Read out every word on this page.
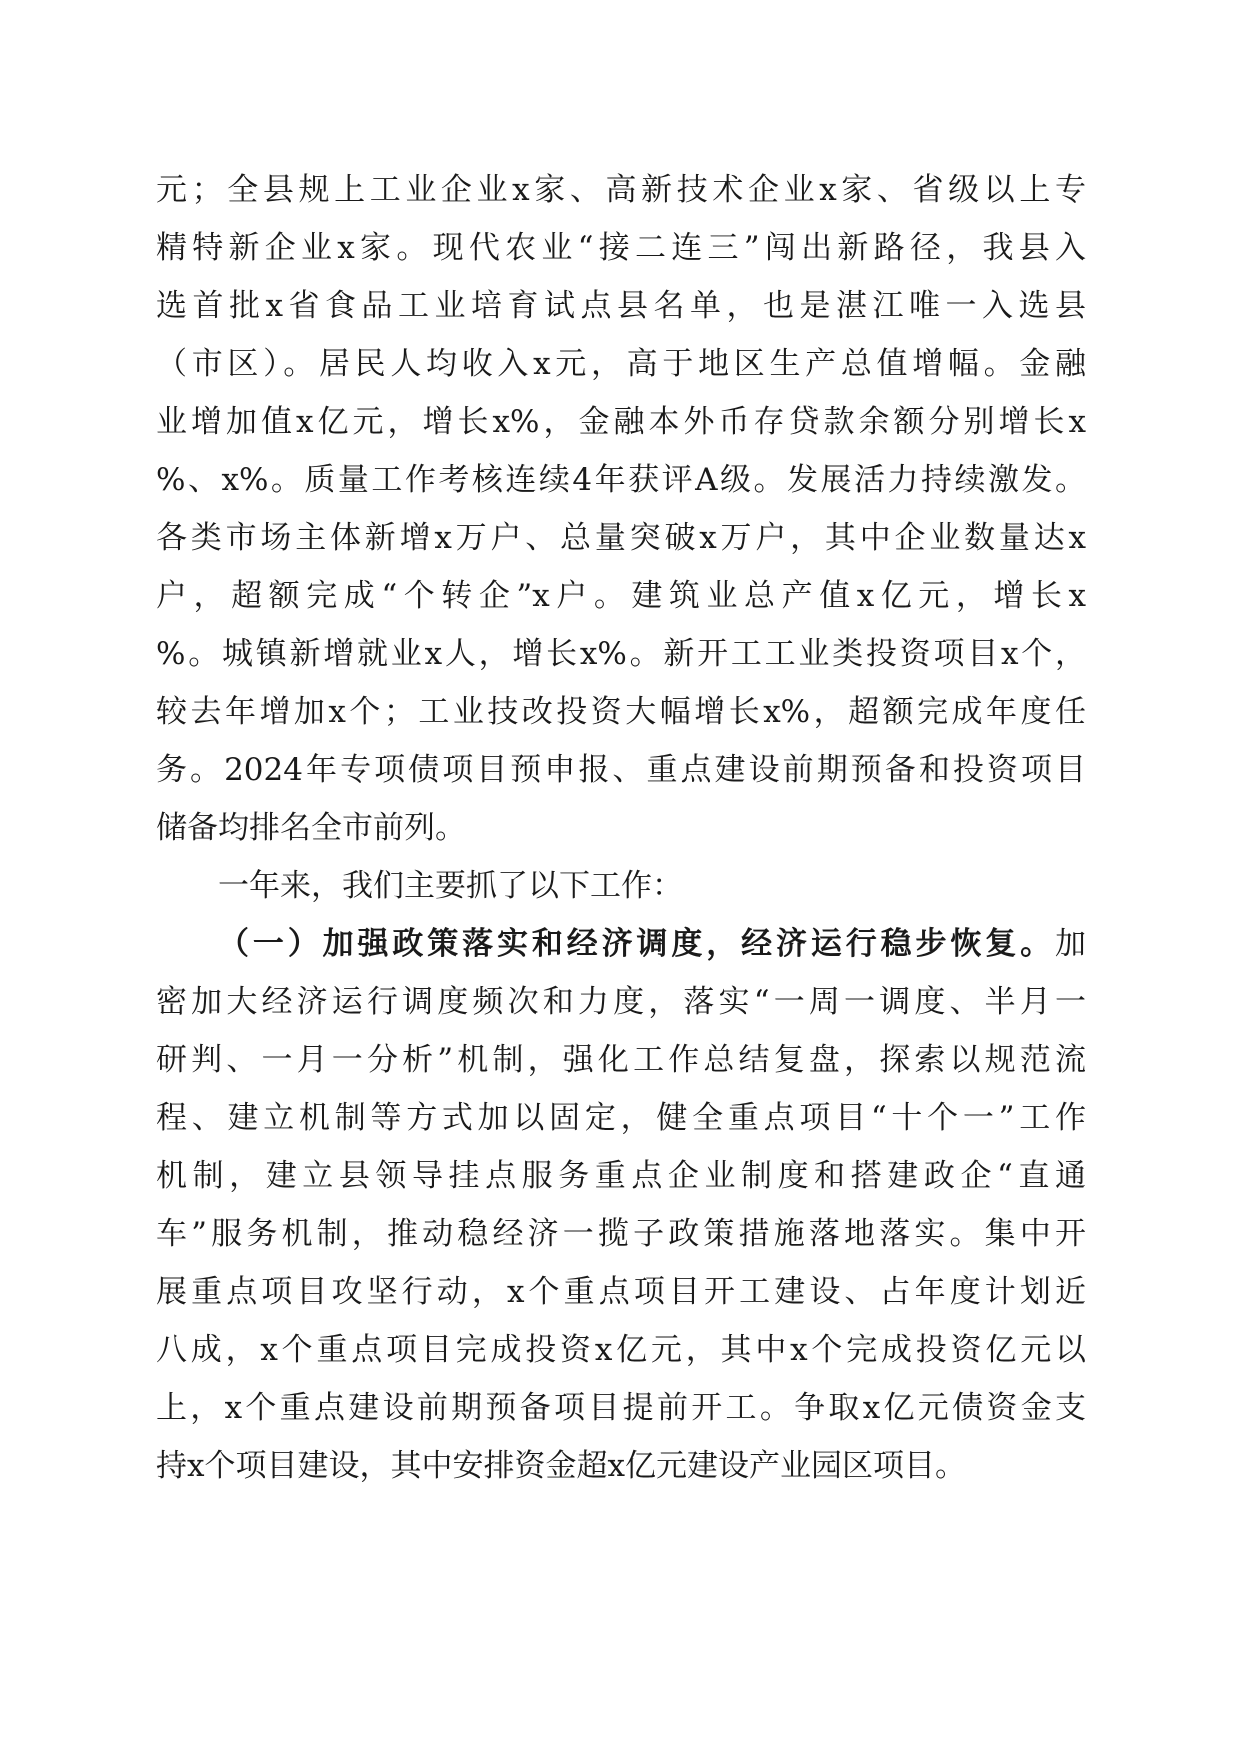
元；全县规上工业企业x家、高新技术企业x家、省级以上专
精特新企业x家。现代农业“接二连三”闯出新路径，我县入
选首批x省食品工业培育试点县名单，也是湛江唯一入选县
（市区）。居民人均收入x元，高于地区生产总值增幅。金融
业增加值x亿元，增长x%，金融本外币存贷款余额分别增长x
%、x%。质量工作考核连续4年获评A级。发展活力持续激发。
各类市场主体新增x万户、总量突破x万户，其中企业数量达x
户，超额完成“个转企”x户。建筑业总产值x亿元，增长x
%。城镇新增就业x人，增长x%。新开工工业类投资项目x个，
较去年增加x个；工业技改投资大幅增长x%，超额完成年度任
务。2024年专项债项目预申报、重点建设前期预备和投资项目
储备均排名全市前列。
一年来，我们主要抓了以下工作：
（一）加强政策落实和经济调度，经济运行稳步恢复。加
密加大经济运行调度频次和力度，落实“一周一调度、半月一
研判、一月一分析”机制，强化工作总结复盘，探索以规范流
程、建立机制等方式加以固定，健全重点项目“十个一”工作
机制，建立县领导挂点服务重点企业制度和搭建政企“直通
车”服务机制，推动稳经济一揽子政策措施落地落实。集中开
展重点项目攻坚行动，x个重点项目开工建设、占年度计划近
八成，x个重点项目完成投资x亿元，其中x个完成投资亿元以
上，x个重点建设前期预备项目提前开工。争取x亿元债资金支
持x个项目建设，其中安排资金超x亿元建设产业园区项目。
